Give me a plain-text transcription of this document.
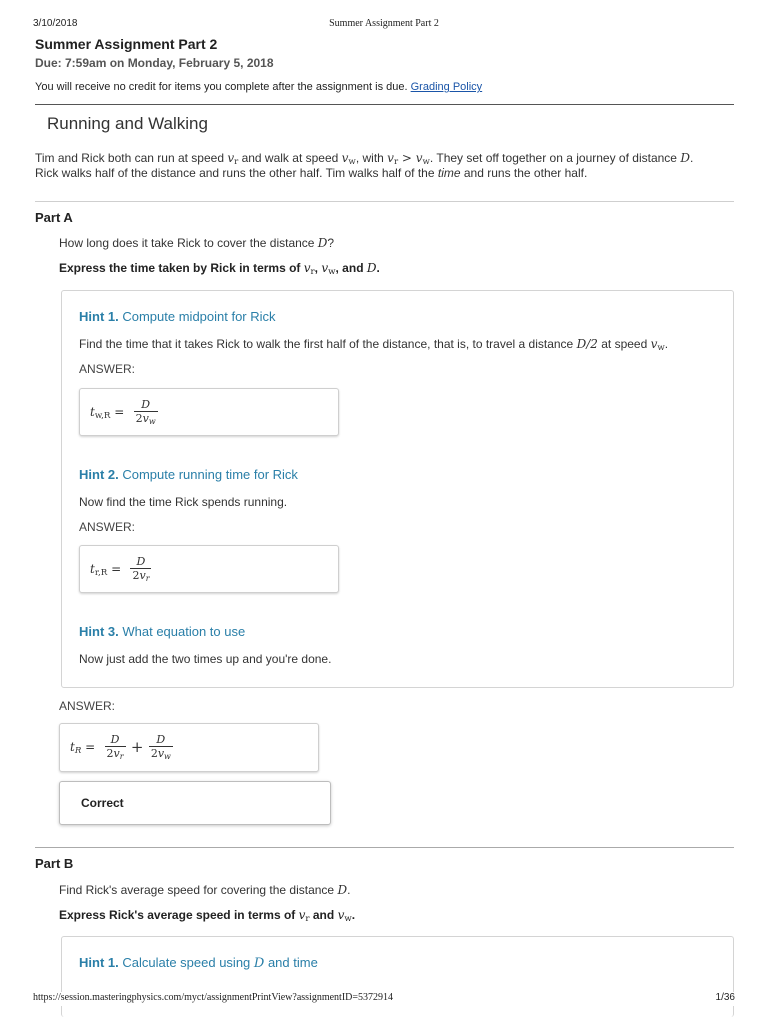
3/10/2018	Summer Assignment Part 2
Summer Assignment Part 2
Due: 7:59am on Monday, February 5, 2018
You will receive no credit for items you complete after the assignment is due. Grading Policy
Running and Walking
Tim and Rick both can run at speed $v_r$ and walk at speed $v_w$, with $v_r > v_w$. They set off together on a journey of distance D.
Rick walks half of the distance and runs the other half. Tim walks half of the time and runs the other half.
Part A
How long does it take Rick to cover the distance D?
Express the time taken by Rick in terms of $v_r$, $v_w$, and D.
Hint 1. Compute midpoint for Rick
Find the time that it takes Rick to walk the first half of the distance, that is, to travel a distance D/2 at speed $v_w$.
ANSWER:
$t_{w,R} = \frac{D}{2v_w}$
Hint 2. Compute running time for Rick
Now find the time Rick spends running.
ANSWER:
$t_{r,R} = \frac{D}{2v_r}$
Hint 3. What equation to use
Now just add the two times up and you're done.
ANSWER:
$t_R = \frac{D}{2v_r} + \frac{D}{2v_w}$
Correct
Part B
Find Rick's average speed for covering the distance D.
Express Rick's average speed in terms of $v_r$ and $v_w$.
Hint 1. Calculate speed using D and time
https://session.masteringphysics.com/myct/assignmentPrintView?assignmentID=5372914	1/36
